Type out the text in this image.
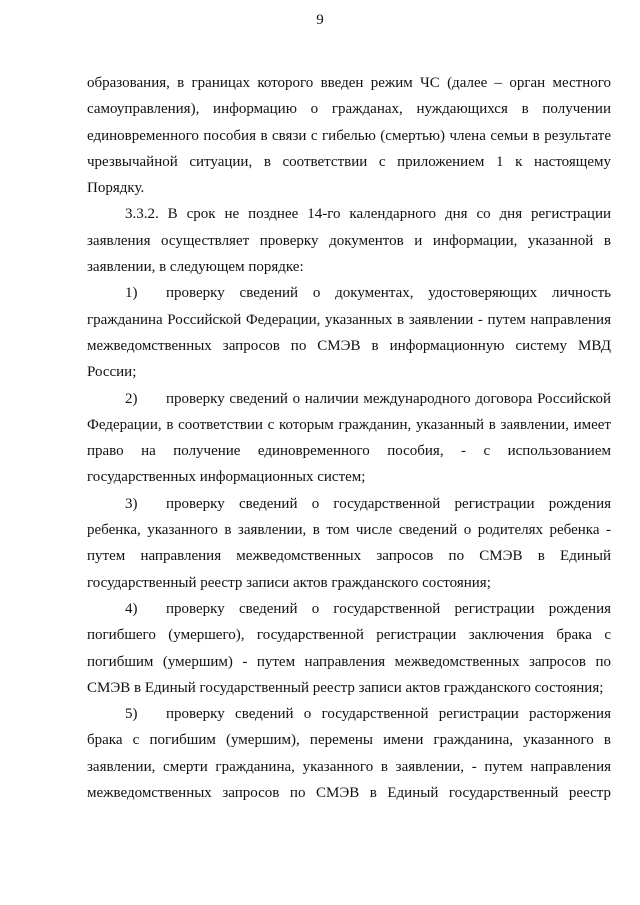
9
образования, в границах которого введен режим ЧС (далее – орган местного
самоуправления), информацию о гражданах, нуждающихся в получении
единовременного пособия в связи с гибелью (смертью) члена семьи в результате
чрезвычайной ситуации, в соответствии с приложением 1 к настоящему
Порядку.
3.3.2. В срок не позднее 14-го календарного дня со дня регистрации
заявления осуществляет проверку документов и информации, указанной в
заявлении, в следующем порядке:
1)	проверку сведений о документах, удостоверяющих личность
гражданина Российской Федерации, указанных в заявлении - путем направления
межведомственных запросов по СМЭВ в информационную систему МВД
России;
2)	проверку сведений о наличии международного договора Российской
Федерации, в соответствии с которым гражданин, указанный в заявлении, имеет
право на получение единовременного пособия, - с использованием
государственных информационных систем;
3)	проверку сведений о государственной регистрации рождения
ребенка, указанного в заявлении, в том числе сведений о родителях ребенка -
путем направления межведомственных запросов по СМЭВ в Единый
государственный реестр записи актов гражданского состояния;
4)	проверку сведений о государственной регистрации рождения
погибшего (умершего), государственной регистрации заключения брака с
погибшим (умершим) - путем направления межведомственных запросов по
СМЭВ в Единый государственный реестр записи актов гражданского состояния;
5)	проверку сведений о государственной регистрации расторжения
брака с погибшим (умершим), перемены имени гражданина, указанного в
заявлении, смерти гражданина, указанного в заявлении, - путем направления
межведомственных запросов по СМЭВ в Единый государственный реестр
